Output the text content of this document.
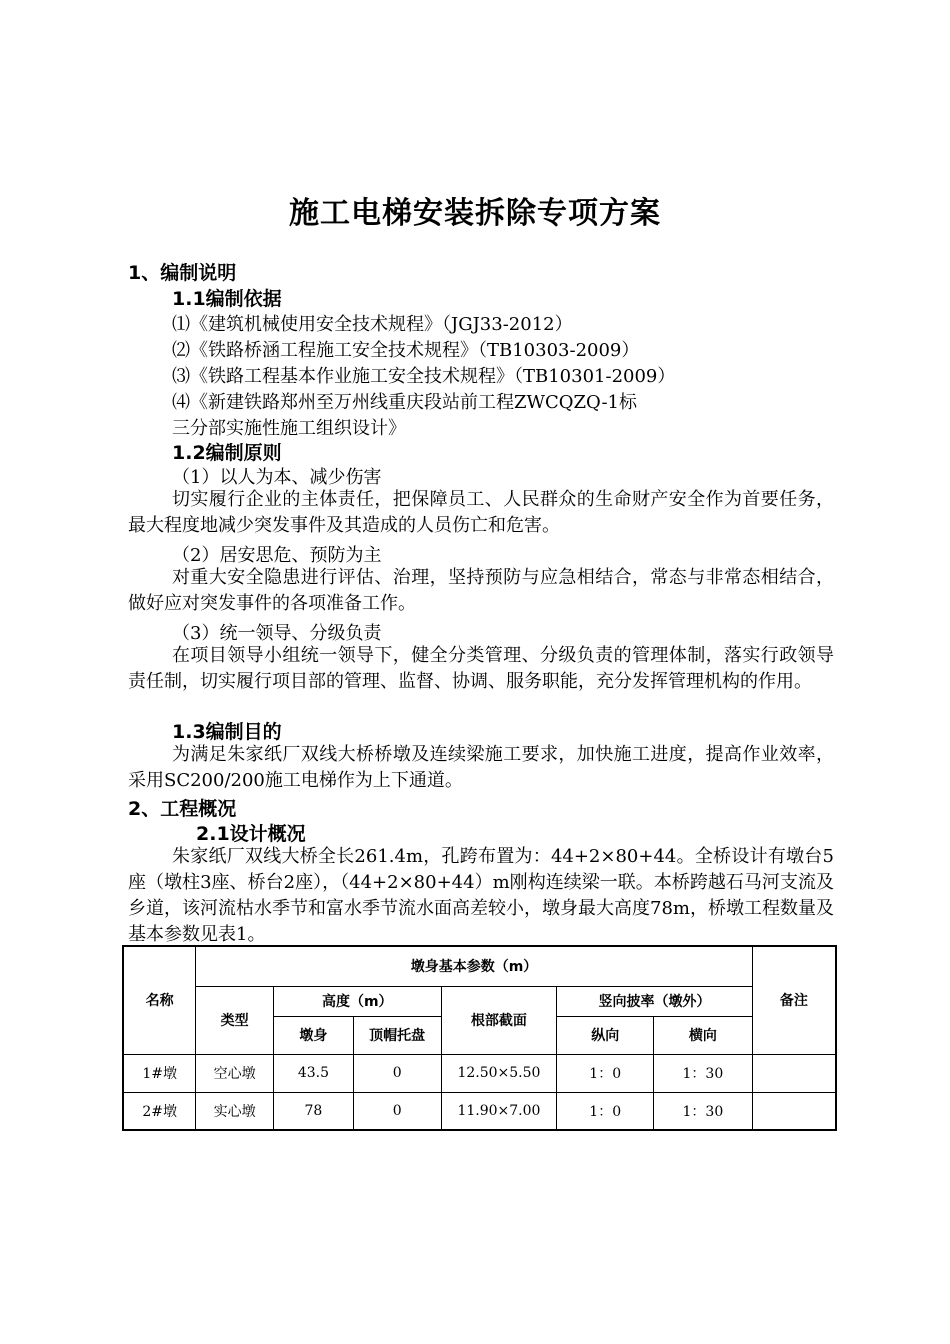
施工电梯安装拆除专项方案
1、编制说明
1.1编制依据
⑴《建筑机械使用安全技术规程》（JGJ33-2012）
⑵《铁路桥涵工程施工安全技术规程》（TB10303-2009）
⑶《铁路工程基本作业施工安全技术规程》（TB10301-2009）
⑷《新建铁路郑州至万州线重庆段站前工程ZWCQZQ-1标
三分部实施性施工组织设计》
1.2编制原则
（1）以人为本、减少伤害
切实履行企业的主体责任，把保障员工、人民群众的生命财产安全作为首要任务，最大程度地减少突发事件及其造成的人员伤亡和危害。
（2）居安思危、预防为主
对重大安全隐患进行评估、治理，坚持预防与应急相结合，常态与非常态相结合，做好应对突发事件的各项准备工作。
（3）统一领导、分级负责
在项目领导小组统一领导下，健全分类管理、分级负责的管理体制，落实行政领导责任制，切实履行项目部的管理、监督、协调、服务职能，充分发挥管理机构的作用。
1.3编制目的
为满足朱家纸厂双线大桥桥墩及连续梁施工要求，加快施工进度，提高作业效率，采用SC200/200施工电梯作为上下通道。
2、工程概况
2.1设计概况
朱家纸厂双线大桥全长261.4m，孔跨布置为：44+2×80+44。全桥设计有墩台5座（墩柱3座、桥台2座），（44+2×80+44）m刚构连续梁一联。本桥跨越石马河支流及乡道，该河流枯水季节和富水季节流水面高差较小，墩身最大高度78m，桥墩工程数量及基本参数见表1。
名称	墩身基本参数（m）						备注
	类型	高度（m）		根部截面	竖向披率（墩外）		
		墩身	顶帽托盘		纵向	横向	
1#墩	空心墩	43.5	0	12.50×5.50	1：0	1：30	
2#墩	实心墩	78	0	11.90×7.00	1：0	1：30	
